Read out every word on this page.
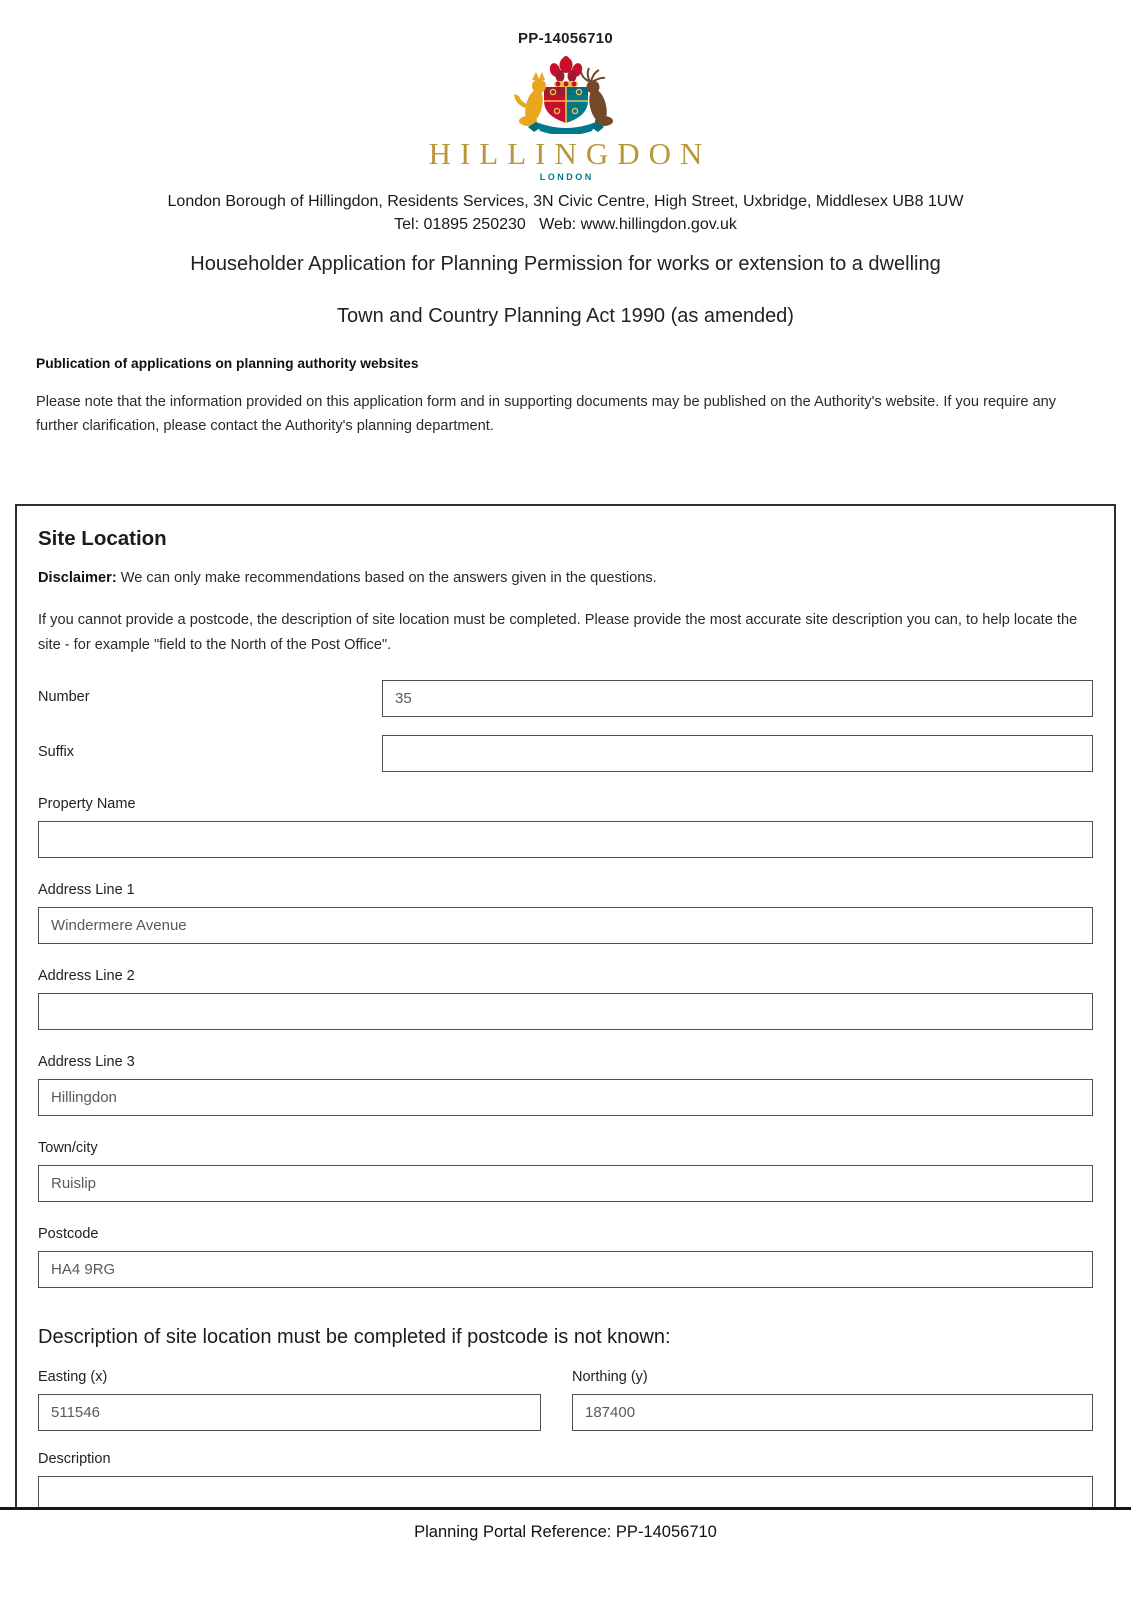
PP-14056710
HILLINGDON
LONDON
London Borough of Hillingdon, Residents Services, 3N Civic Centre, High Street, Uxbridge, Middlesex UB8 1UW
Tel: 01895 250230   Web: www.hillingdon.gov.uk
Householder Application for Planning Permission for works or extension to a dwelling
Town and Country Planning Act 1990 (as amended)
Publication of applications on planning authority websites

Please note that the information provided on this application form and in supporting documents may be published on the Authority's website. If you require any further clarification, please contact the Authority's planning department.

Site Location

Disclaimer: We can only make recommendations based on the answers given in the questions.

If you cannot provide a postcode, the description of site location must be completed. Please provide the most accurate site description you can, to help locate the site - for example "field to the North of the Post Office".

Number
35
Suffix
Property Name
Address Line 1
Windermere Avenue
Address Line 2
Address Line 3
Hillingdon
Town/city
Ruislip
Postcode
HA4 9RG
Description of site location must be completed if postcode is not known:
Easting (x)
511546	Northing (y)
187400
Description
Planning Portal Reference: PP-14056710
